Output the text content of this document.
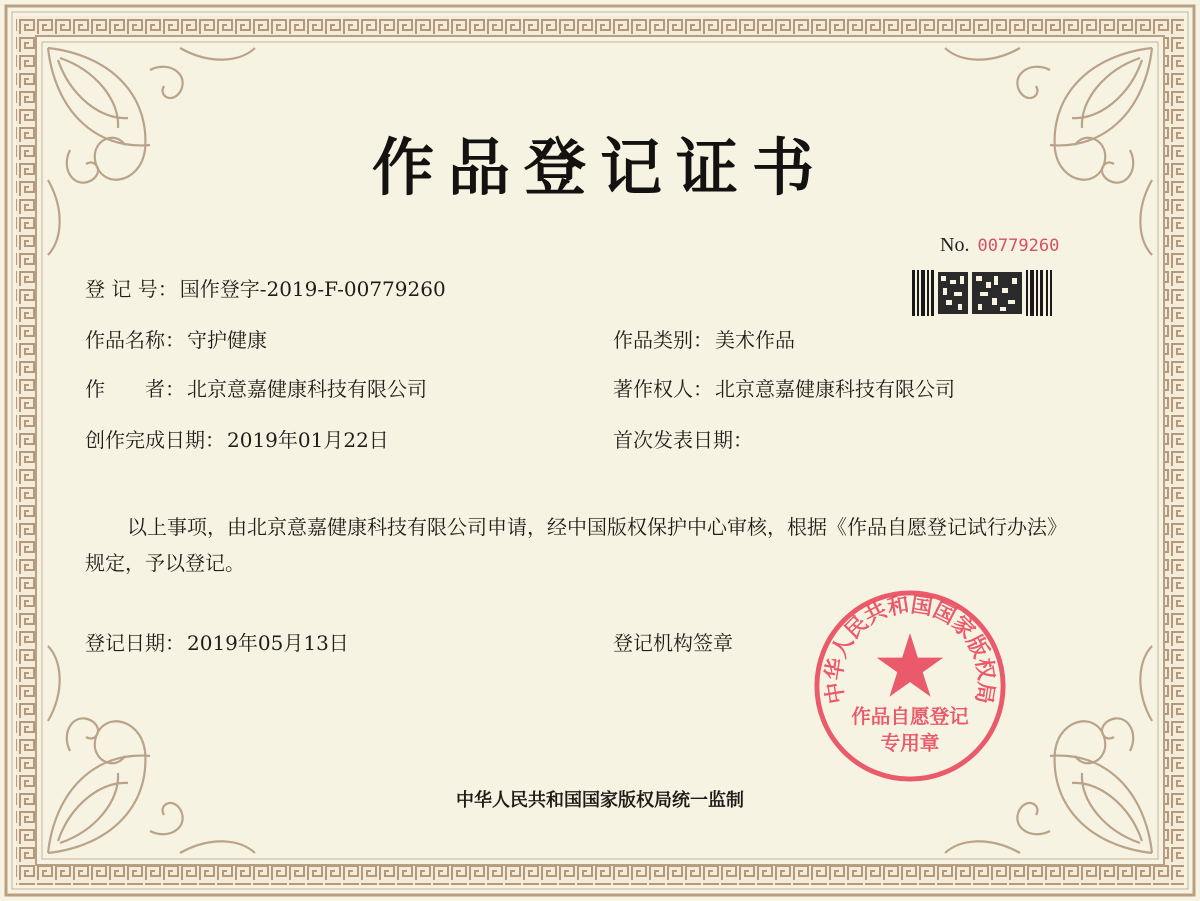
作品登记证书
No. 00779260
登 记 号： 国作登字-2019-F-00779260
作品名称： 守护健康	作品类别： 美术作品
作　　者： 北京意嘉健康科技有限公司	著作权人： 北京意嘉健康科技有限公司
创作完成日期： 2019年01月22日	首次发表日期：
以上事项，由北京意嘉健康科技有限公司申请，经中国版权保护中心审核，根据《作品自愿登记试行办法》规定，予以登记。
登记日期： 2019年05月13日	登记机构签章
中华人民共和国国家版权局
作品自愿登记
专用章
中华人民共和国国家版权局统一监制
